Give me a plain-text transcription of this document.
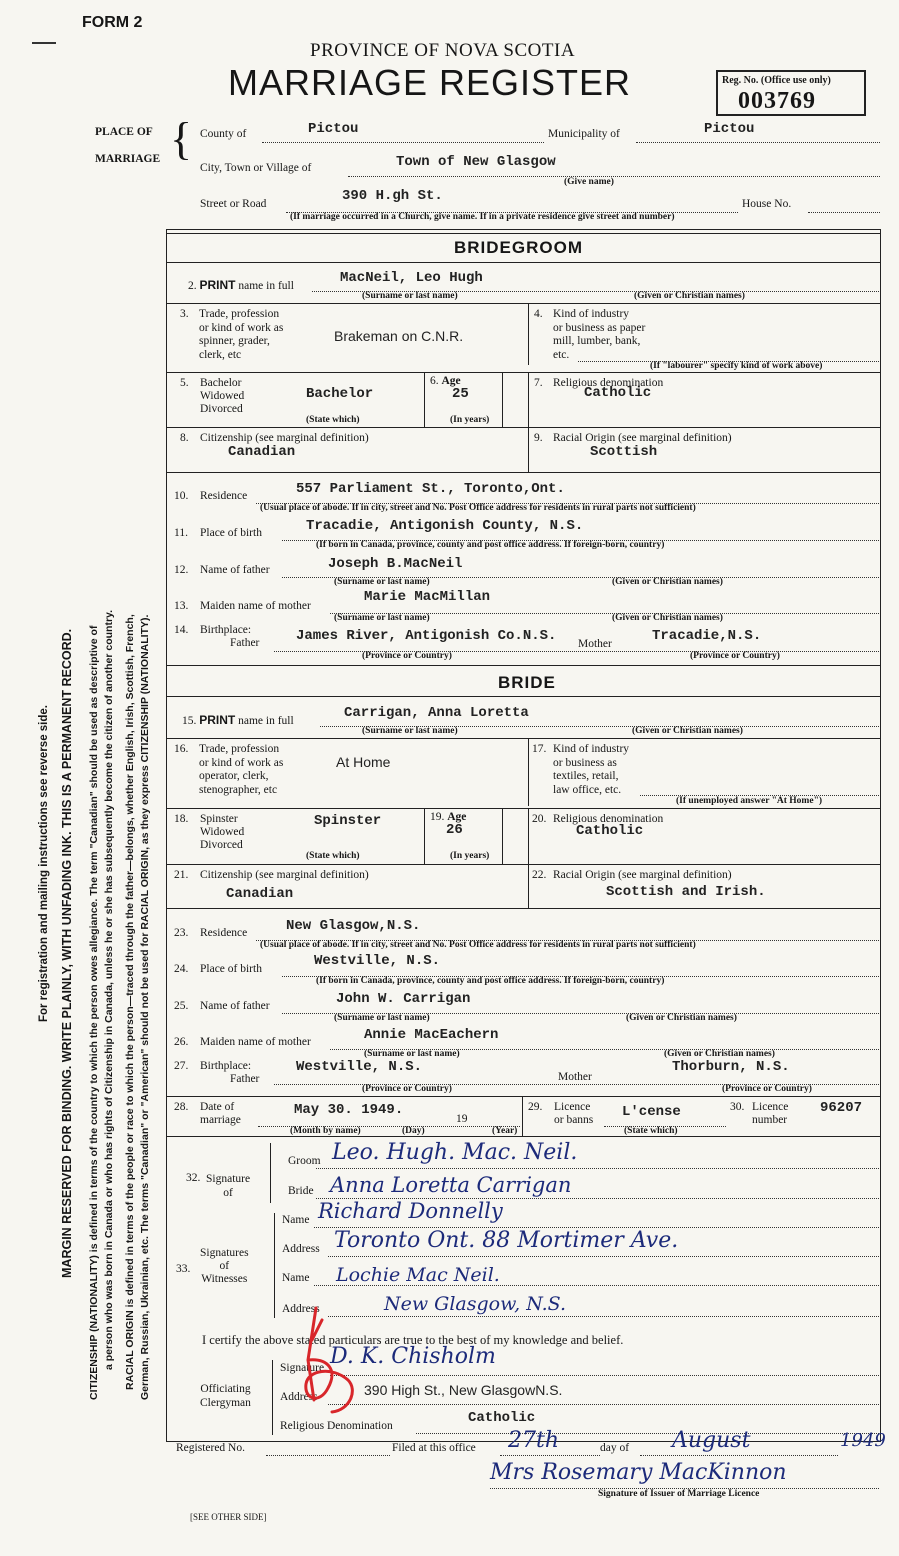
FORM 2
PROVINCE OF NOVA SCOTIA
MARRIAGE REGISTER	Reg. No. (Office use only)
003769
PLACE OF
MARRIAGE { County of	Pictou	Municipality of	Pictou
City, Town or Village of	Town of New Glasgow
(Give name)
Street or Road	390 H.gh St.	House No.
(If marriage occurred in a Church, give name. If in a private residence give street and number)
For registration and mailing instructions see reverse side. MARGIN RESERVED FOR BINDING. WRITE PLAINLY, WITH UNFADING INK. THIS IS A PERMANENT RECORD. CITIZENSHIP (NATIONALITY) is defined in terms of the country to which the person owes allegiance. The term "Canadian" should be used as descriptive of a person who was born in Canada or who has rights of Citizenship in Canada, unless he or she has subsequently become the citizen of another country. RACIAL ORIGIN is defined in terms of the people or race to which the person—traced through the father—belongs, whether English, Irish, Scottish, French, German, Russian, Ukrainian, etc. The terms "Canadian" or "American" should not be used for RACIAL ORIGIN, as they express CITIZENSHIP (NATIONALITY).
BRIDEGROOM
2. PRINT name in full	MacNeil, Leo Hugh
(Surname or last name)	(Given or Christian names)
3. Trade, profession
or kind of work as
spinner, grader,
clerk, etc
Brakeman on C.N.R.
4. Kind of industry
or business as paper
mill, lumber, bank,
etc.
(If "labourer" specify kind of work above)
5. Bachelor
Widowed
Divorced
Bachelor
(State which)
6. Age
25
(In years)
7. Religious denomination
Catholic
8. Citizenship (see marginal definition)
Canadian
9. Racial Origin (see marginal definition)
Scottish
10. Residence	557 Parliament St., Toronto,Ont.
(Usual place of abode. If in city, street and No. Post Office address for residents in rural parts not sufficient)
11. Place of birth	Tracadie, Antigonish County, N.S.
(If born in Canada, province, county and post office address. If foreign-born, country)
12. Name of father	Joseph B.MacNeil
(Surname or last name)	(Given or Christian names)
13. Maiden name of mother
Marie MacMillan
(Surname or last name)	(Given or Christian names)
14. Birthplace:
Father	James River, Antigonish Co.N.S. Mother	Tracadie,N.S.
(Province or Country)	(Province or Country)
BRIDE
15. PRINT name in full	Carrigan, Anna Loretta
(Surname or last name)	(Given or Christian names)
16. Trade, profession
or kind of work as
operator, clerk,
stenographer, etc
At Home
17. Kind of industry
or business as
textiles, retail,
law office, etc.
(If unemployed answer "At Home")
18. Spinster
Widowed
Divorced
Spinster
(State which)
19. Age
26
(In years)
20. Religious denomination
Catholic
21. Citizenship (see marginal definition)
Canadian
22. Racial Origin (see marginal definition)
Scottish and Irish.
23. Residence	New Glasgow,N.S.
(Usual place of abode. If in city, street and No. Post Office address for residents in rural parts not sufficient)
24. Place of birth	Westville, N.S.
(If born in Canada, province, county and post office address. If foreign-born, country)
25. Name of father	John W. Carrigan
(Surname or last name)	(Given or Christian names)
26. Maiden name of mother	Annie MacEachern
(Surname or last name)	(Given or Christian names)
27. Birthplace:
Father
Westville, N.S.
Mother
Thorburn, N.S.
(Province or Country)	(Province or Country)
28. Date of
marriage
May 30. 1949.
19
(Month by name)	(Day)	(Year)
29. Licence
or banns L'cense
(State which)
30. Licence
number
96207
32. Signature
of
Groom Leo. Hugh. Mac. Neil.
Bride Anna Loretta Carrigan
33.
Signatures
of
Witnesses
Name Richard Donnelly
Address Toronto Ont. 88 Mortimer Ave.
Name Lochie Mac Neil.
Address	New Glasgow, N.S.
I certify the above stated particulars are true to the best of my knowledge and belief.
Officiating
Clergyman
Signature D. K. Chisholm
Address	390 High St., New GlasgowN.S.
Religious Denomination	Catholic
Registered No.	Filed at this office 27th	day of August	1949
Mrs Rosemary MacKinnon
Signature of Issuer of Marriage Licence
[SEE OTHER SIDE]
